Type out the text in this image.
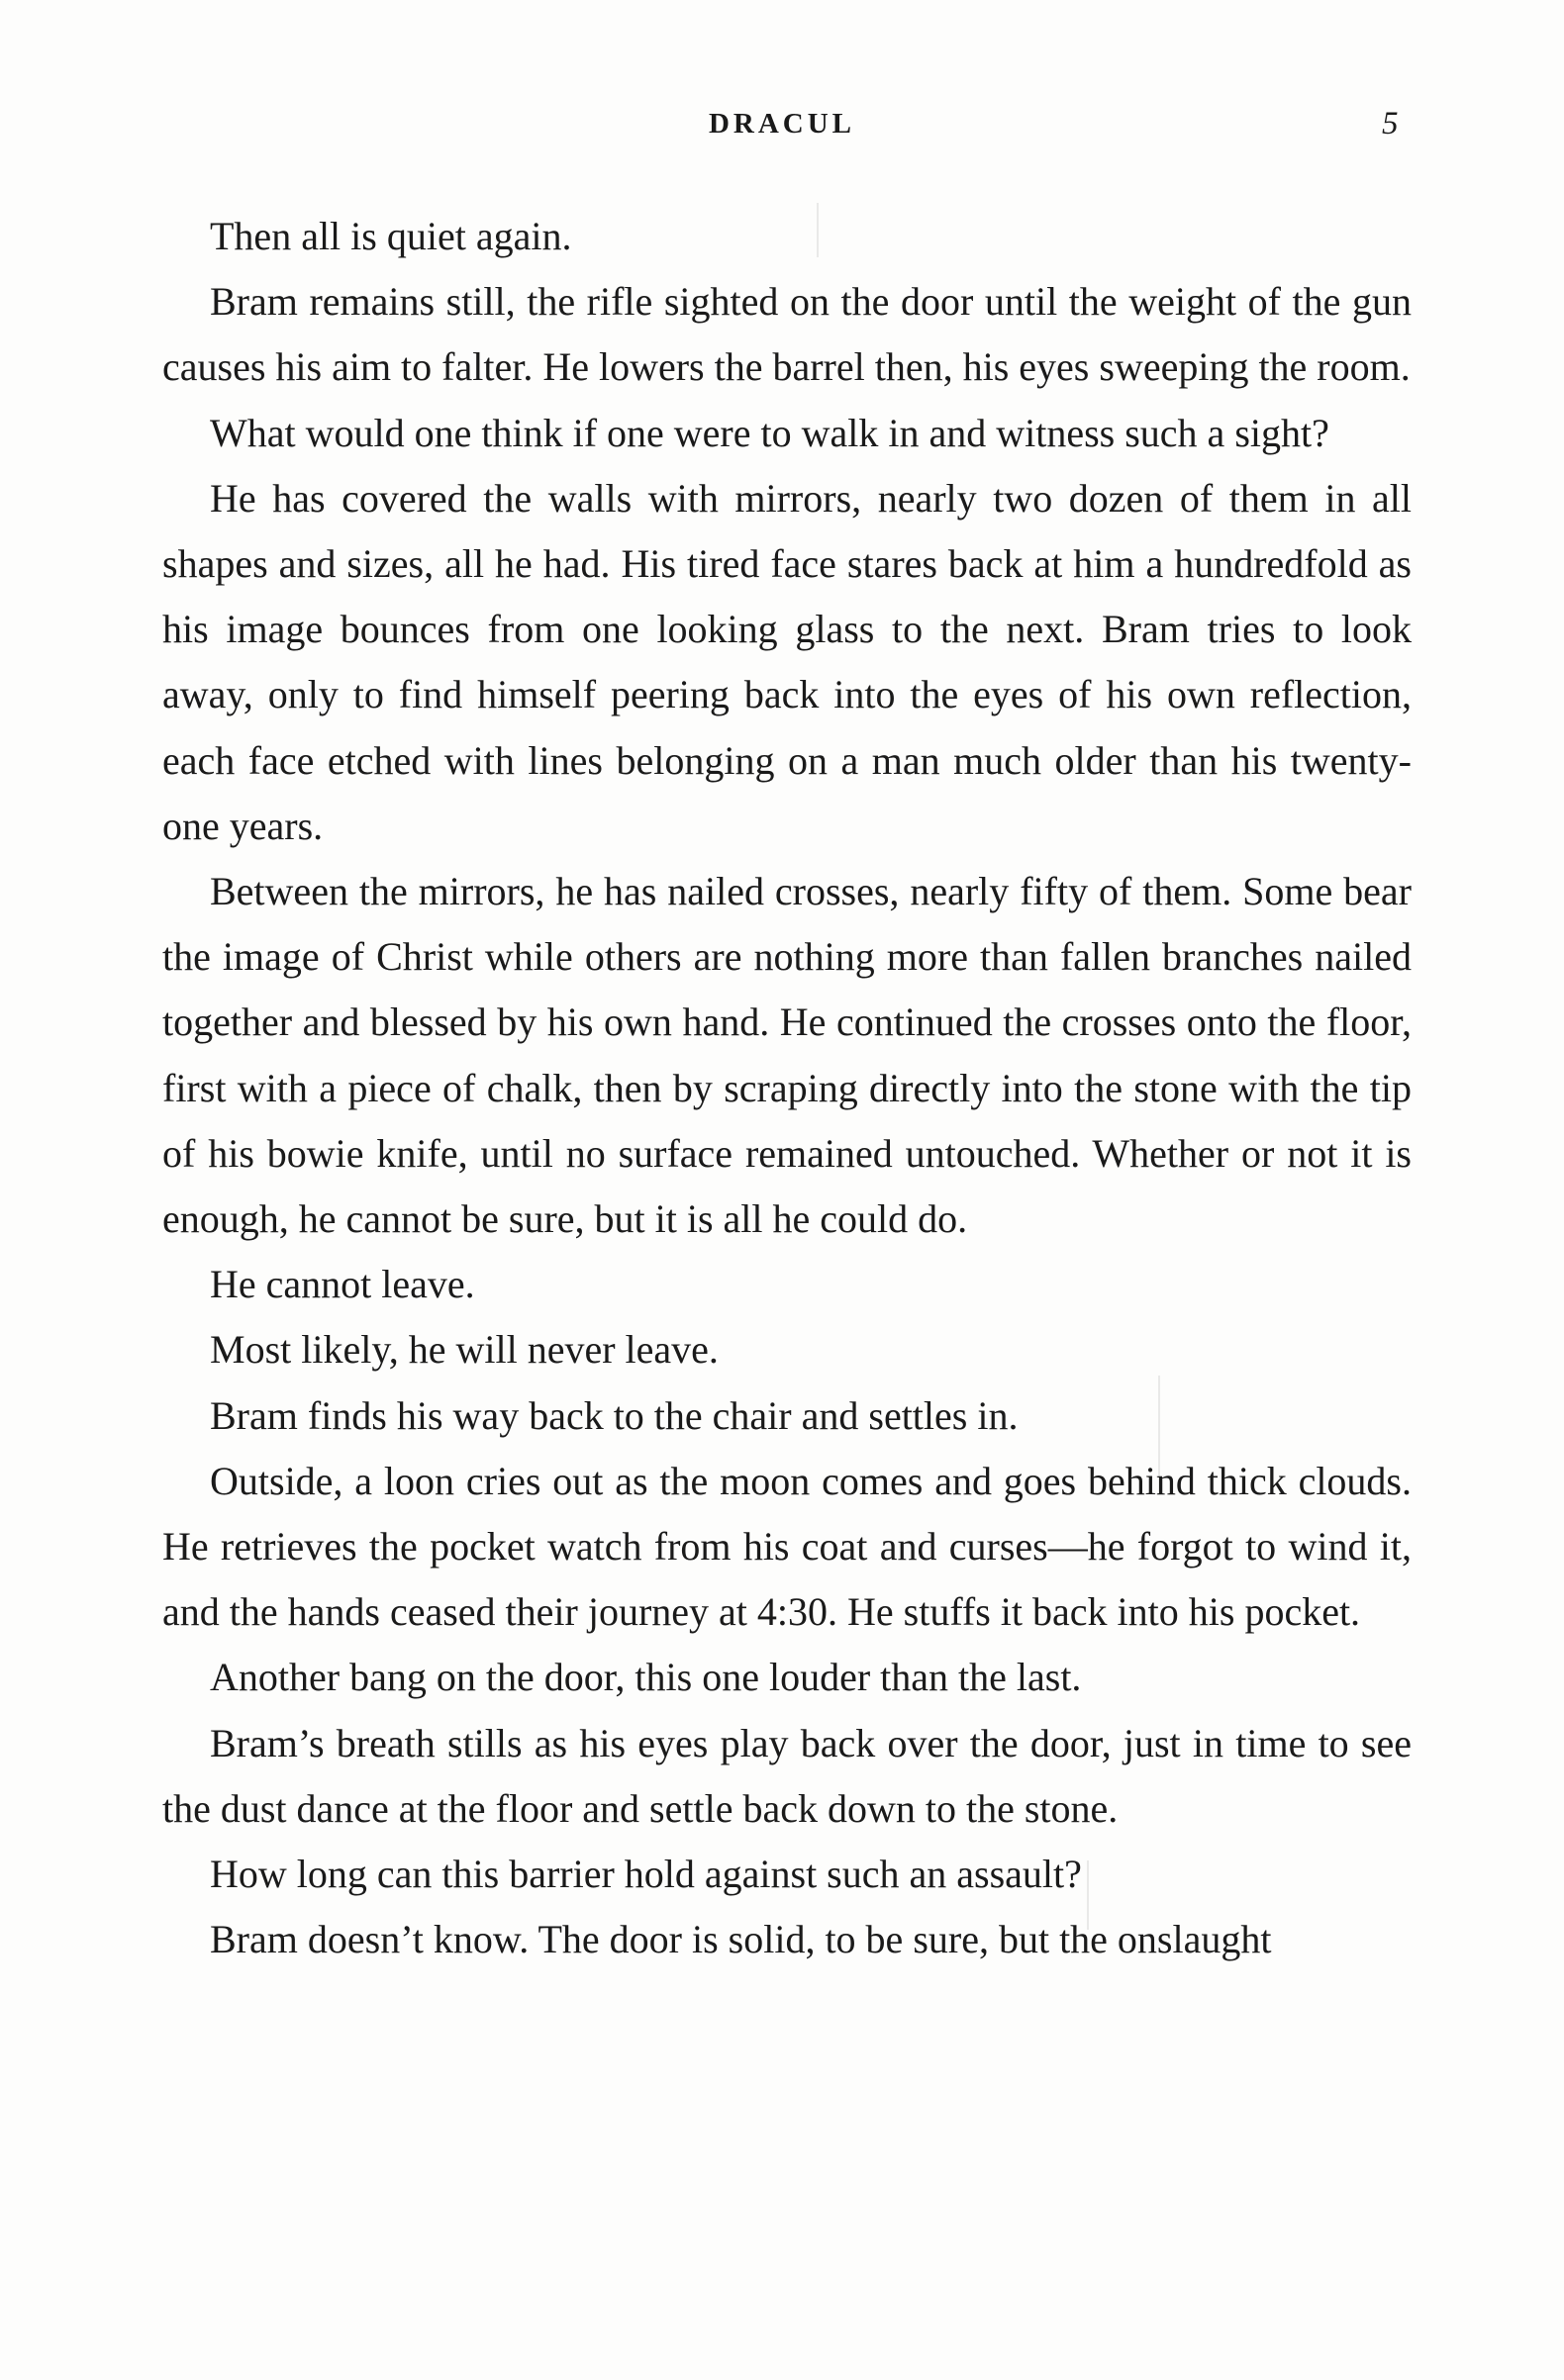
DRACUL	5

Then all is quiet again.

Bram remains still, the rifle sighted on the door until the weight of the gun causes his aim to falter. He lowers the barrel then, his eyes sweeping the room.

What would one think if one were to walk in and witness such a sight?

He has covered the walls with mirrors, nearly two dozen of them in all shapes and sizes, all he had. His tired face stares back at him a hundredfold as his image bounces from one looking glass to the next. Bram tries to look away, only to find himself peering back into the eyes of his own reflection, each face etched with lines belonging on a man much older than his twenty-one years.

Between the mirrors, he has nailed crosses, nearly fifty of them. Some bear the image of Christ while others are nothing more than fallen branches nailed together and blessed by his own hand. He continued the crosses onto the floor, first with a piece of chalk, then by scraping directly into the stone with the tip of his bowie knife, until no surface remained untouched. Whether or not it is enough, he cannot be sure, but it is all he could do.

He cannot leave.

Most likely, he will never leave.

Bram finds his way back to the chair and settles in.

Outside, a loon cries out as the moon comes and goes behind thick clouds. He retrieves the pocket watch from his coat and curses—he forgot to wind it, and the hands ceased their journey at 4:30. He stuffs it back into his pocket.

Another bang on the door, this one louder than the last.

Bram’s breath stills as his eyes play back over the door, just in time to see the dust dance at the floor and settle back down to the stone.

How long can this barrier hold against such an assault?

Bram doesn’t know. The door is solid, to be sure, but the onslaught
